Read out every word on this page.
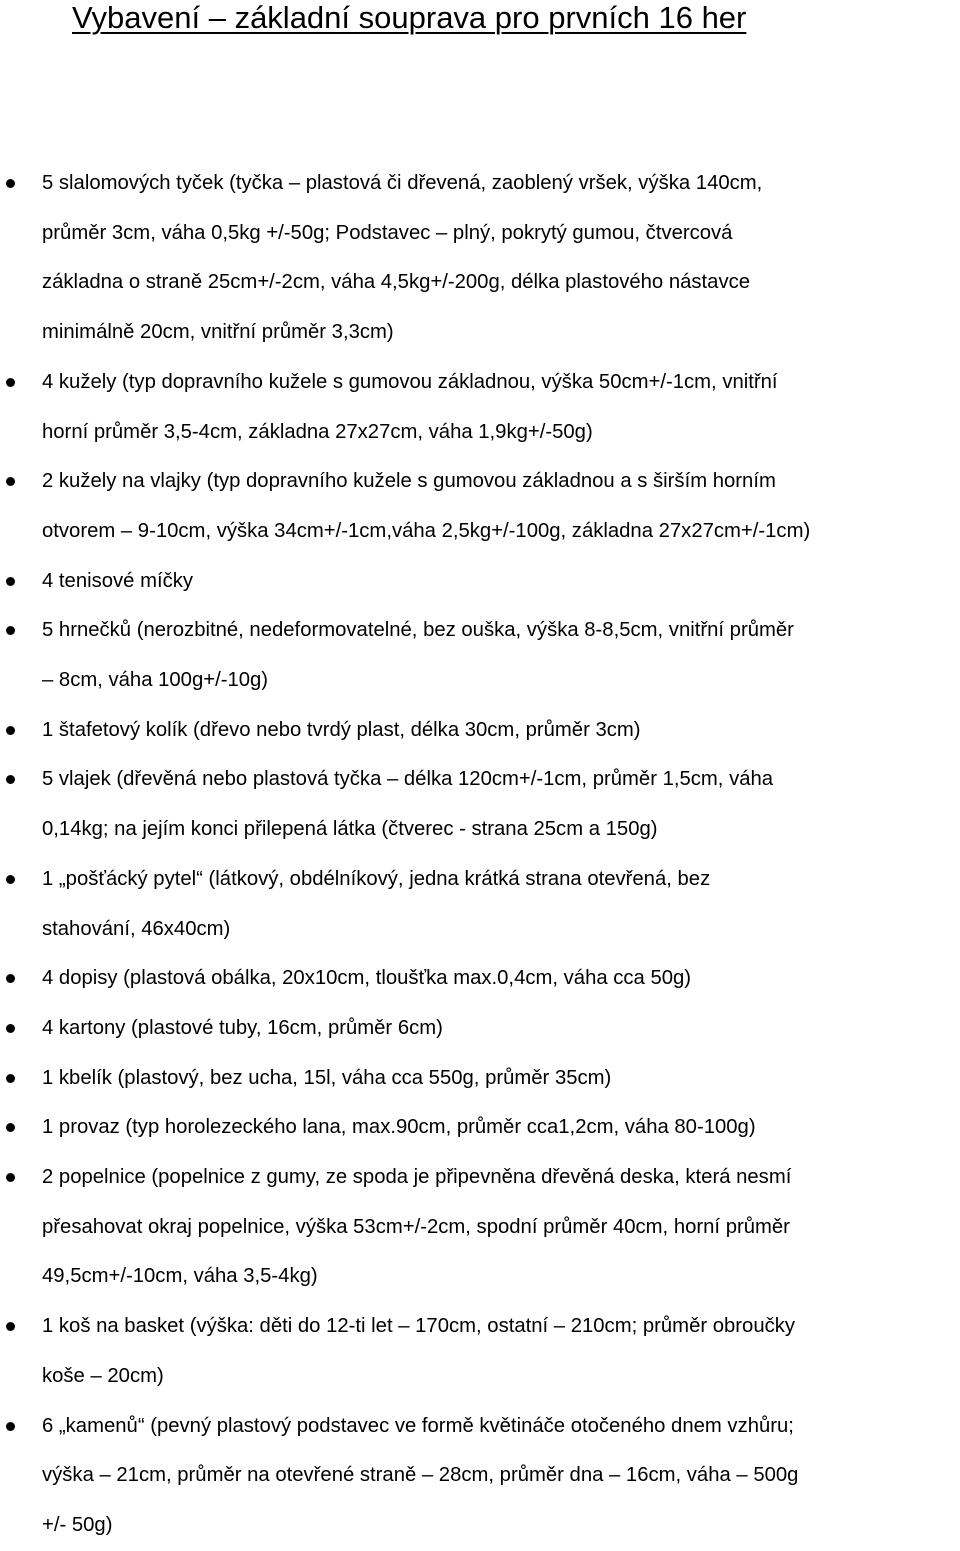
Vybavení – základní souprava pro prvních 16 her
5 slalomových tyček (tyčka – plastová či dřevená, zaoblený vršek, výška 140cm,
průměr 3cm, váha 0,5kg +/-50g; Podstavec – plný, pokrytý gumou, čtvercová
základna o straně 25cm+/-2cm, váha 4,5kg+/-200g, délka plastového nástavce
minimálně 20cm, vnitřní průměr 3,3cm)
4 kužely (typ dopravního kužele s gumovou základnou, výška 50cm+/-1cm, vnitřní
horní průměr 3,5-4cm, základna 27x27cm, váha 1,9kg+/-50g)
2 kužely na vlajky (typ dopravního kužele s gumovou základnou a s širším horním
otvorem – 9-10cm, výška 34cm+/-1cm,váha 2,5kg+/-100g, základna 27x27cm+/-1cm)
4 tenisové míčky
5 hrnečků (nerozbitné, nedeformovatelné, bez ouška, výška 8-8,5cm, vnitřní průměr
– 8cm, váha 100g+/-10g)
1 štafetový kolík (dřevo nebo tvrdý plast, délka 30cm, průměr 3cm)
5 vlajek (dřevěná nebo plastová tyčka – délka 120cm+/-1cm, průměr 1,5cm, váha
0,14kg; na jejím konci přilepená látka (čtverec - strana 25cm a 150g)
1 „pošťácký pytel“ (látkový, obdélníkový, jedna krátká strana otevřená, bez
stahování, 46x40cm)
4 dopisy (plastová obálka, 20x10cm, tloušťka max.0,4cm, váha cca 50g)
4 kartony (plastové tuby, 16cm, průměr 6cm)
1 kbelík (plastový, bez ucha, 15l, váha cca 550g, průměr 35cm)
1 provaz (typ horolezeckého lana, max.90cm, průměr cca1,2cm, váha 80-100g)
2 popelnice (popelnice z gumy, ze spoda je připevněna dřevěná deska, která nesmí
přesahovat okraj popelnice, výška 53cm+/-2cm, spodní průměr 40cm, horní průměr
49,5cm+/-10cm, váha 3,5-4kg)
1 koš na basket (výška: děti do 12-ti let – 170cm, ostatní – 210cm; průměr obroučky
koše – 20cm)
6 „kamenů“ (pevný plastový podstavec ve formě květináče otočeného dnem vzhůru;
výška – 21cm, průměr na otevřené straně – 28cm, průměr dna – 16cm, váha – 500g
+/- 50g)
